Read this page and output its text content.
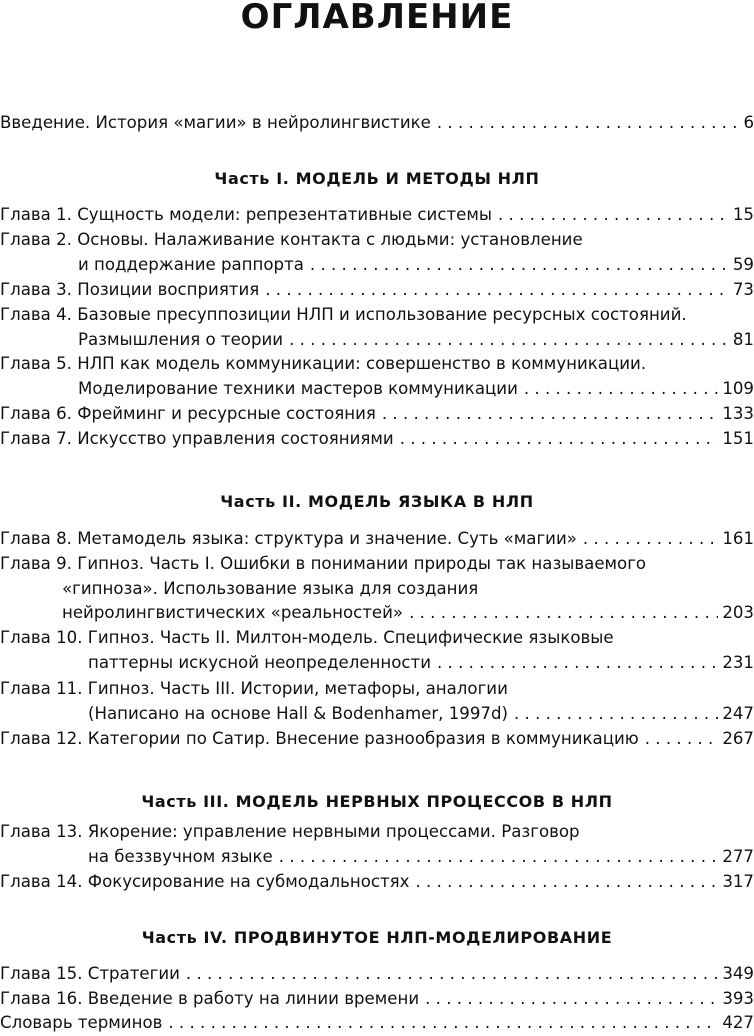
ОГЛАВЛЕНИЕ
Введение. История «магии» в нейролингвистике . . .	6
Часть I. МОДЕЛЬ И МЕТОДЫ НЛП
Глава 1. Сущность модели: репрезентативные системы . . .	15
Глава 2. Основы. Налаживание контакта с людьми: установление
и поддержание раппорта . . .	59
Глава 3. Позиции восприятия . . .	73
Глава 4. Базовые пресуппозиции НЛП и использование ресурсных состояний.
Размышления о теории . . .	81
Глава 5. НЛП как модель коммуникации: совершенство в коммуникации.
Моделирование техники мастеров коммуникации . . .	109
Глава 6. Фрейминг и ресурсные состояния . . .	133
Глава 7. Искусство управления состояниями . . .	151
Часть II. МОДЕЛЬ ЯЗЫКА В НЛП
Глава 8. Метамодель языка: структура и значение. Суть «магии» . . .	161
Глава 9. Гипноз. Часть I. Ошибки в понимании природы так называемого
«гипноза». Использование языка для создания
нейролингвистических «реальностей» . . .	203
Глава 10. Гипноз. Часть II. Милтон-модель. Специфические языковые
паттерны искусной неопределенности . . .	231
Глава 11. Гипноз. Часть III. Истории, метафоры, аналогии
(Написано на основе Hall & Bodenhamer, 1997d) . . .	247
Глава 12. Категории по Сатир. Внесение разнообразия в коммуникацию . . .	267
Часть III. МОДЕЛЬ НЕРВНЫХ ПРОЦЕССОВ В НЛП
Глава 13. Якорение: управление нервными процессами. Разговор
на беззвучном языке . . .	277
Глава 14. Фокусирование на субмодальностях . . .	317
Часть IV. ПРОДВИНУТОЕ НЛП-МОДЕЛИРОВАНИЕ
Глава 15. Стратегии . . .	349
Глава 16. Введение в работу на линии времени . . .	393
Словарь терминов . . .	427
